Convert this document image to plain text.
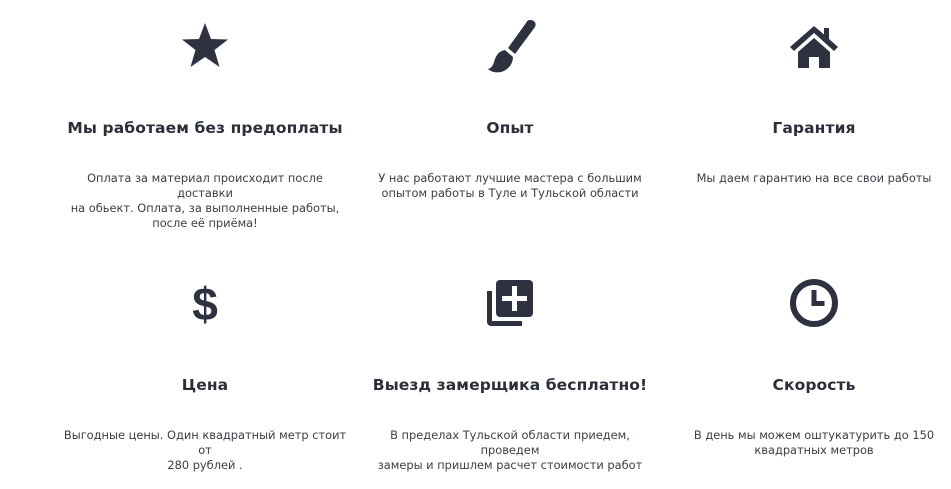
Мы работаем без предоплаты

Оплата за материал происходит после доставки
на обьект. Оплата, за выполненные работы,
после её приёма!

Опыт

У нас работают лучшие мастера с большим
опытом работы в Туле и Тульской области

Гарантия

Мы даем гарантию на все свои работы

$
Цена

Выгодные цены. Один квадратный метр стоит от
280 рублей .

Выезд замерщика бесплатно!

В пределах Тульской области приедем, проведем
замеры и пришлем расчет стоимости работ

Скорость

В день мы можем оштукатурить до 150
квадратных метров
